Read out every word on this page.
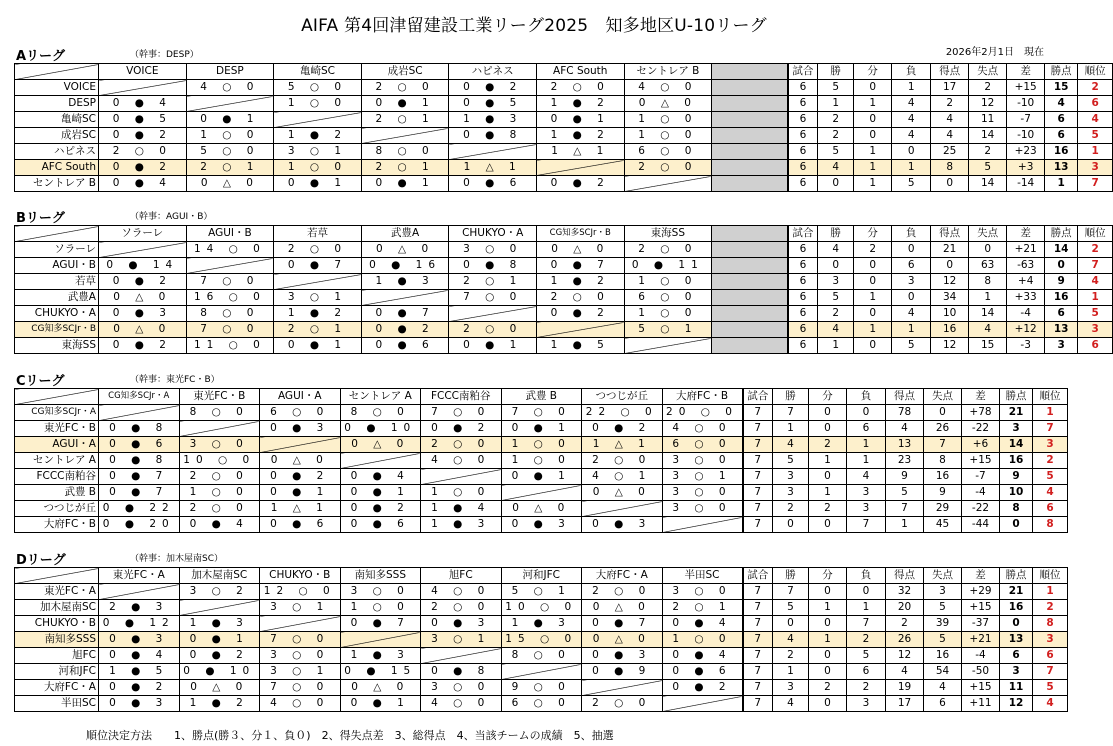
AIFA 第4回津留建設工業リーグ2025　知多地区U-10リーグ
2026年2月1日　現在
Aリーグ	（幹事：DESP）
	VOICE	DESP	亀崎SC	成岩SC	ハピネス	AFC South	セントレア B		試合	勝	分	負	得点	失点	差	勝点	順位
VOICE		4 ○ 0	5 ○ 0	2 ○ 0	0 ● 2	2 ○ 0	4 ○ 0		6	5	0	1	17	2	+15	15	2
DESP	0 ● 4		1 ○ 0	0 ● 1	0 ● 5	1 ● 2	0 △ 0		6	1	1	4	2	12	-10	4	6
亀崎SC	0 ● 5	0 ● 1		2 ○ 1	1 ● 3	0 ● 1	1 ○ 0		6	2	0	4	4	11	-7	6	4
成岩SC	0 ● 2	1 ○ 0	1 ● 2		0 ● 8	1 ● 2	1 ○ 0		6	2	0	4	4	14	-10	6	5
ハピネス	2 ○ 0	5 ○ 0	3 ○ 1	8 ○ 0		1 △ 1	6 ○ 0		6	5	1	0	25	2	+23	16	1
AFC South	0 ● 2	2 ○ 1	1 ○ 0	2 ○ 1	1 △ 1		2 ○ 0		6	4	1	1	8	5	+3	13	3
セントレア B	0 ● 4	0 △ 0	0 ● 1	0 ● 1	0 ● 6	0 ● 2			6	0	1	5	0	14	-14	1	7
Bリーグ	（幹事：AGUI・B）
	ソラーレ	AGUI・B	若草	武豊A	CHUKYO・A	CG知多SCJr・B	東海SS		試合	勝	分	負	得点	失点	差	勝点	順位
ソラーレ		14 ○ 0	2 ○ 0	0 △ 0	3 ○ 0	0 △ 0	2 ○ 0		6	4	2	0	21	0	+21	14	2
AGUI・B	0 ● 14		0 ● 7	0 ● 16	0 ● 8	0 ● 7	0 ● 11		6	0	0	6	0	63	-63	0	7
若草	0 ● 2	7 ○ 0		1 ● 3	2 ○ 1	1 ● 2	1 ○ 0		6	3	0	3	12	8	+4	9	4
武豊A	0 △ 0	16 ○ 0	3 ○ 1		7 ○ 0	2 ○ 0	6 ○ 0		6	5	1	0	34	1	+33	16	1
CHUKYO・A	0 ● 3	8 ○ 0	1 ● 2	0 ● 7		0 ● 2	1 ○ 0		6	2	0	4	10	14	-4	6	5
CG知多SCJr・B	0 △ 0	7 ○ 0	2 ○ 1	0 ● 2	2 ○ 0		5 ○ 1		6	4	1	1	16	4	+12	13	3
東海SS	0 ● 2	11 ○ 0	0 ● 1	0 ● 6	0 ● 1	1 ● 5			6	1	0	5	12	15	-3	3	6
Cリーグ	（幹事：東光FC・B）
	CG知多SCJr・A	東光FC・B	AGUI・A	セントレア A	FCCC南粕谷	武豊 B	つつじが丘	大府FC・B	試合	勝	分	負	得点	失点	差	勝点	順位
CG知多SCJr・A		8 ○ 0	6 ○ 0	8 ○ 0	7 ○ 0	7 ○ 0	22 ○ 0	20 ○ 0	7	7	0	0	78	0	+78	21	1
東光FC・B	0 ● 8		0 ● 3	0 ● 10	0 ● 2	0 ● 1	0 ● 2	4 ○ 0	7	1	0	6	4	26	-22	3	7
AGUI・A	0 ● 6	3 ○ 0		0 △ 0	2 ○ 0	1 ○ 0	1 △ 1	6 ○ 0	7	4	2	1	13	7	+6	14	3
セントレア A	0 ● 8	10 ○ 0	0 △ 0		4 ○ 0	1 ○ 0	2 ○ 0	3 ○ 0	7	5	1	1	23	8	+15	16	2
FCCC南粕谷	0 ● 7	2 ○ 0	0 ● 2	0 ● 4		0 ● 1	4 ○ 1	3 ○ 1	7	3	0	4	9	16	-7	9	5
武豊 B	0 ● 7	1 ○ 0	0 ● 1	0 ● 1	1 ○ 0		0 △ 0	3 ○ 0	7	3	1	3	5	9	-4	10	4
つつじが丘	0 ● 22	2 ○ 0	1 △ 1	0 ● 2	1 ● 4	0 △ 0		3 ○ 0	7	2	2	3	7	29	-22	8	6
大府FC・B	0 ● 20	0 ● 4	0 ● 6	0 ● 6	1 ● 3	0 ● 3	0 ● 3		7	0	0	7	1	45	-44	0	8
Dリーグ	（幹事：加木屋南SC）
	東光FC・A	加木屋南SC	CHUKYO・B	南知多SSS	旭FC	河和JFC	大府FC・A	半田SC	試合	勝	分	負	得点	失点	差	勝点	順位
東光FC・A		3 ○ 2	12 ○ 0	3 ○ 0	4 ○ 0	5 ○ 1	2 ○ 0	3 ○ 0	7	7	0	0	32	3	+29	21	1
加木屋南SC	2 ● 3		3 ○ 1	1 ○ 0	2 ○ 0	10 ○ 0	0 △ 0	2 ○ 1	7	5	1	1	20	5	+15	16	2
CHUKYO・B	0 ● 12	1 ● 3		0 ● 7	0 ● 3	1 ● 3	0 ● 7	0 ● 4	7	0	0	7	2	39	-37	0	8
南知多SSS	0 ● 3	0 ● 1	7 ○ 0		3 ○ 1	15 ○ 0	0 △ 0	1 ○ 0	7	4	1	2	26	5	+21	13	3
旭FC	0 ● 4	0 ● 2	3 ○ 0	1 ● 3		8 ○ 0	0 ● 3	0 ● 4	7	2	0	5	12	16	-4	6	6
河和JFC	1 ● 5	0 ● 10	3 ○ 1	0 ● 15	0 ● 8		0 ● 9	0 ● 6	7	1	0	6	4	54	-50	3	7
大府FC・A	0 ● 2	0 △ 0	7 ○ 0	0 △ 0	3 ○ 0	9 ○ 0		0 ● 2	7	3	2	2	19	4	+15	11	5
半田SC	0 ● 3	1 ● 2	4 ○ 0	0 ● 1	4 ○ 0	6 ○ 0	2 ○ 0		7	4	0	3	17	6	+11	12	4
順位決定方法　　1、勝点(勝３、分１、負０)　2、得失点差　3、総得点　4、当該チームの成績　5、抽選
